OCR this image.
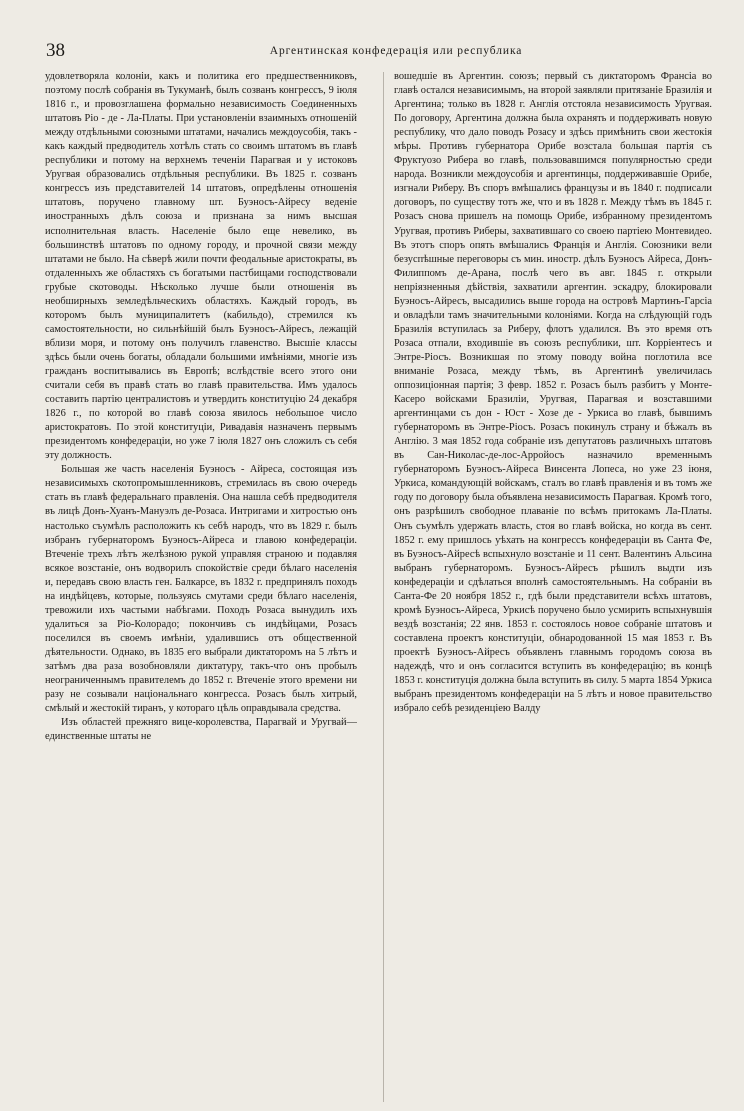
38	Аргентинская конфедерація или республика

удовлетворяла колоніи, какъ и политика его предшественниковъ, поэтому послѣ собранія въ Тукуманѣ, былъ созванъ конгрессъ, 9 іюля 1816 г., и провозглашена формально независимость Соединенныхъ штатовъ Ріо - де - Ла-Платы. При установленіи взаимныхъ отношеній между отдѣльными союзными штатами, начались междоусобія, такъ - какъ каждый предводитель хотѣлъ стать со своимъ штатомъ въ главѣ республики и потому на верхнемъ теченіи Парагвая и у истоковъ Уругвая образовались отдѣльныя республики. Въ 1825 г. созванъ конгрессъ изъ представителей 14 штатовъ, опредѣлены отношенія штатовъ, поручено главному шт. Буэносъ-Айресу веденіе иностранныхъ дѣлъ союза и признана за нимъ высшая исполнительная власть. Населеніе было еще невелико, въ большинствѣ штатовъ по одному городу, и прочной связи между штатами не было. На сѣверѣ жили почти феодальные аристократы, въ отдаленныхъ же областяхъ съ богатыми пастбищами господствовали грубые скотоводы. Нѣсколько лучше были отношенія въ необширныхъ земледѣльческихъ областяхъ. Каждый городъ, въ которомъ былъ муниципалитетъ (кабильдо), стремился къ самостоятельности, но сильнѣйшій былъ Буэносъ-Айресъ, лежащій вблизи моря, и потому онъ получилъ главенство. Высшіе классы здѣсь были очень богаты, обладали большими имѣніями, многіе изъ гражданъ воспитывались въ Европѣ; вслѣдствіе всего этого они считали себя въ правѣ стать во главѣ правительства. Имъ удалось составить партію централистовъ и утвердить конституцію 24 декабря 1826 г., по которой во главѣ союза явилось небольшое число аристократовъ. По этой конституціи, Ривадавія назначенъ первымъ президентомъ конфедераціи, но уже 7 іюля 1827 онъ сложилъ съ себя эту должность.

Большая же часть населенія Буэносъ - Айреса, состоящая изъ независимыхъ скотопромышленниковъ, стремилась въ свою очередь стать въ главѣ федеральнаго правленія. Она нашла себѣ предводителя въ лицѣ Донъ-Хуанъ-Мануэлъ де-Розаса. Интригами и хитростью онъ настолько съумѣлъ расположить къ себѣ народъ, что въ 1829 г. былъ избранъ губернаторомъ Буэносъ-Айреса и главою конфедераціи. Втеченіе трехъ лѣтъ желѣзною рукой управляя страною и подавляя всякое возстаніе, онъ водворилъ спокойствіе среди бѣлаго населенія и, передавъ свою власть ген. Балкарсе, въ 1832 г. предпринялъ походъ на индѣйцевъ, которые, пользуясь смутами среди бѣлаго населенія, тревожили ихъ частыми набѣгами. Походъ Розаса вынудилъ ихъ удалиться за Ріо-Колорадо; покончивъ съ индѣйцами, Розасъ поселился въ своемъ имѣніи, удалившись отъ общественной дѣятельности. Однако, въ 1835 его выбрали диктаторомъ на 5 лѣтъ и затѣмъ два раза возобновляли диктатуру, такъ-что онъ пробылъ неограниченнымъ правителемъ до 1852 г. Втеченіе этого времени ни разу не созывали національнаго конгресса. Розасъ былъ хитрый, смѣлый и жестокій тиранъ, у котораго цѣль оправдывала средства.

Изъ областей прежняго вице-королевства, Парагвай и Уругвай—единственные штаты не

вошедшіе въ Аргентин. союзъ; первый съ диктаторомъ Франсіа во главѣ остался независимымъ, на второй заявляли притязаніе Бразилія и Аргентина; только въ 1828 г. Англія отстояла независимость Уругвая. По договору, Аргентина должна была охранять и поддерживать новую республику, что дало поводъ Розасу и здѣсь примѣнить свои жестокія мѣры. Противъ губернатора Орибе возстала большая партія съ Фруктуозо Риберa во главѣ, пользовавшимся популярностью среди народа. Возникли междоусобія и аргентинцы, поддерживавшіе Орибе, изгнали Риберу. Въ споръ вмѣшались французы и въ 1840 г. подписали договоръ, по существу тотъ же, что и въ 1828 г. Между тѣмъ въ 1845 г. Розасъ снова пришелъ на помощь Орибе, избранному президентомъ Уругвая, противъ Риберы, захватившаго со своею партіею Монтевидео. Въ этотъ споръ опять вмѣшались Франція и Англія. Союзники вели безуспѣшные переговоры съ мин. иностр. дѣлъ Буэносъ Айреса, Донъ-Филиппомъ де-Арана, послѣ чего въ авг. 1845 г. открыли непріязненныя дѣйствія, захватили аргентин. эскадру, блокировали Буэносъ-Айресъ, высадились выше города на островѣ Мартинъ-Гарсіа и овладѣли тамъ значительными колоніями. Когда на слѣдующій годъ Бразилія вступилась за Риберу, флотъ удалился. Въ это время отъ Розаса отпали, входившіе въ союзъ республики, шт. Корріентесъ и Энтре-Ріосъ. Возникшая по этому поводу война поглотила все вниманіе Розаса, между тѣмъ, въ Аргентинѣ увеличилась оппозиціонная партія; 3 февр. 1852 г. Розасъ былъ разбитъ у Монте-Касеро войсками Бразиліи, Уругвая, Парагвая и возставшими аргентинцами съ дон - Юст - Хозе де - Уркиса во главѣ, бывшимъ губернаторомъ въ Энтре-Ріосъ. Розасъ покинулъ страну и бѣжалъ въ Англію. 3 мая 1852 года собраніе изъ депутатовъ различныхъ штатовъ въ Сан-Николас-де-лос-Арройосъ назначило временнымъ губернаторомъ Буэносъ-Айреса Винсента Лопеса, но уже 23 іюня, Уркиса, командующій войскамъ, сталъ во главѣ правленія и въ томъ же году по договору была объявлена независимость Парагвая. Кромѣ того, онъ разрѣшилъ свободное плаваніе по всѣмъ притокамъ Ла-Платы. Онъ съумѣлъ удержать власть, стоя во главѣ войска, но когда въ сент. 1852 г. ему пришлось уѣхать на конгрессъ конфедераціи въ Санта Фе, въ Буэносъ-Айресѣ вспыхнуло возстаніе и 11 сент. Валентинъ Альсина выбранъ губернаторомъ. Буэносъ-Айресъ рѣшилъ выдти изъ конфедераціи и сдѣлаться вполнѣ самостоятельнымъ. На собраніи въ Санта-Фе 20 ноября 1852 г., гдѣ были представители всѣхъ штатовъ, кромѣ Буэносъ-Айреса, Уркисѣ поручено было усмирить вспыхнувшія вездѣ возстанія; 22 янв. 1853 г. состоялось новое собраніе штатовъ и составлена проектъ конституціи, обнародованной 15 мая 1853 г. Въ проектѣ Буэносъ-Айресъ объявленъ главнымъ городомъ союза въ надеждѣ, что и онъ согласится вступить въ конфедерацію; въ концѣ 1853 г. конституція должна была вступить въ силу. 5 марта 1854 Уркиса выбранъ президентомъ конфедераціи на 5 лѣтъ и новое правительство избрало себѣ резиденціею Валду
